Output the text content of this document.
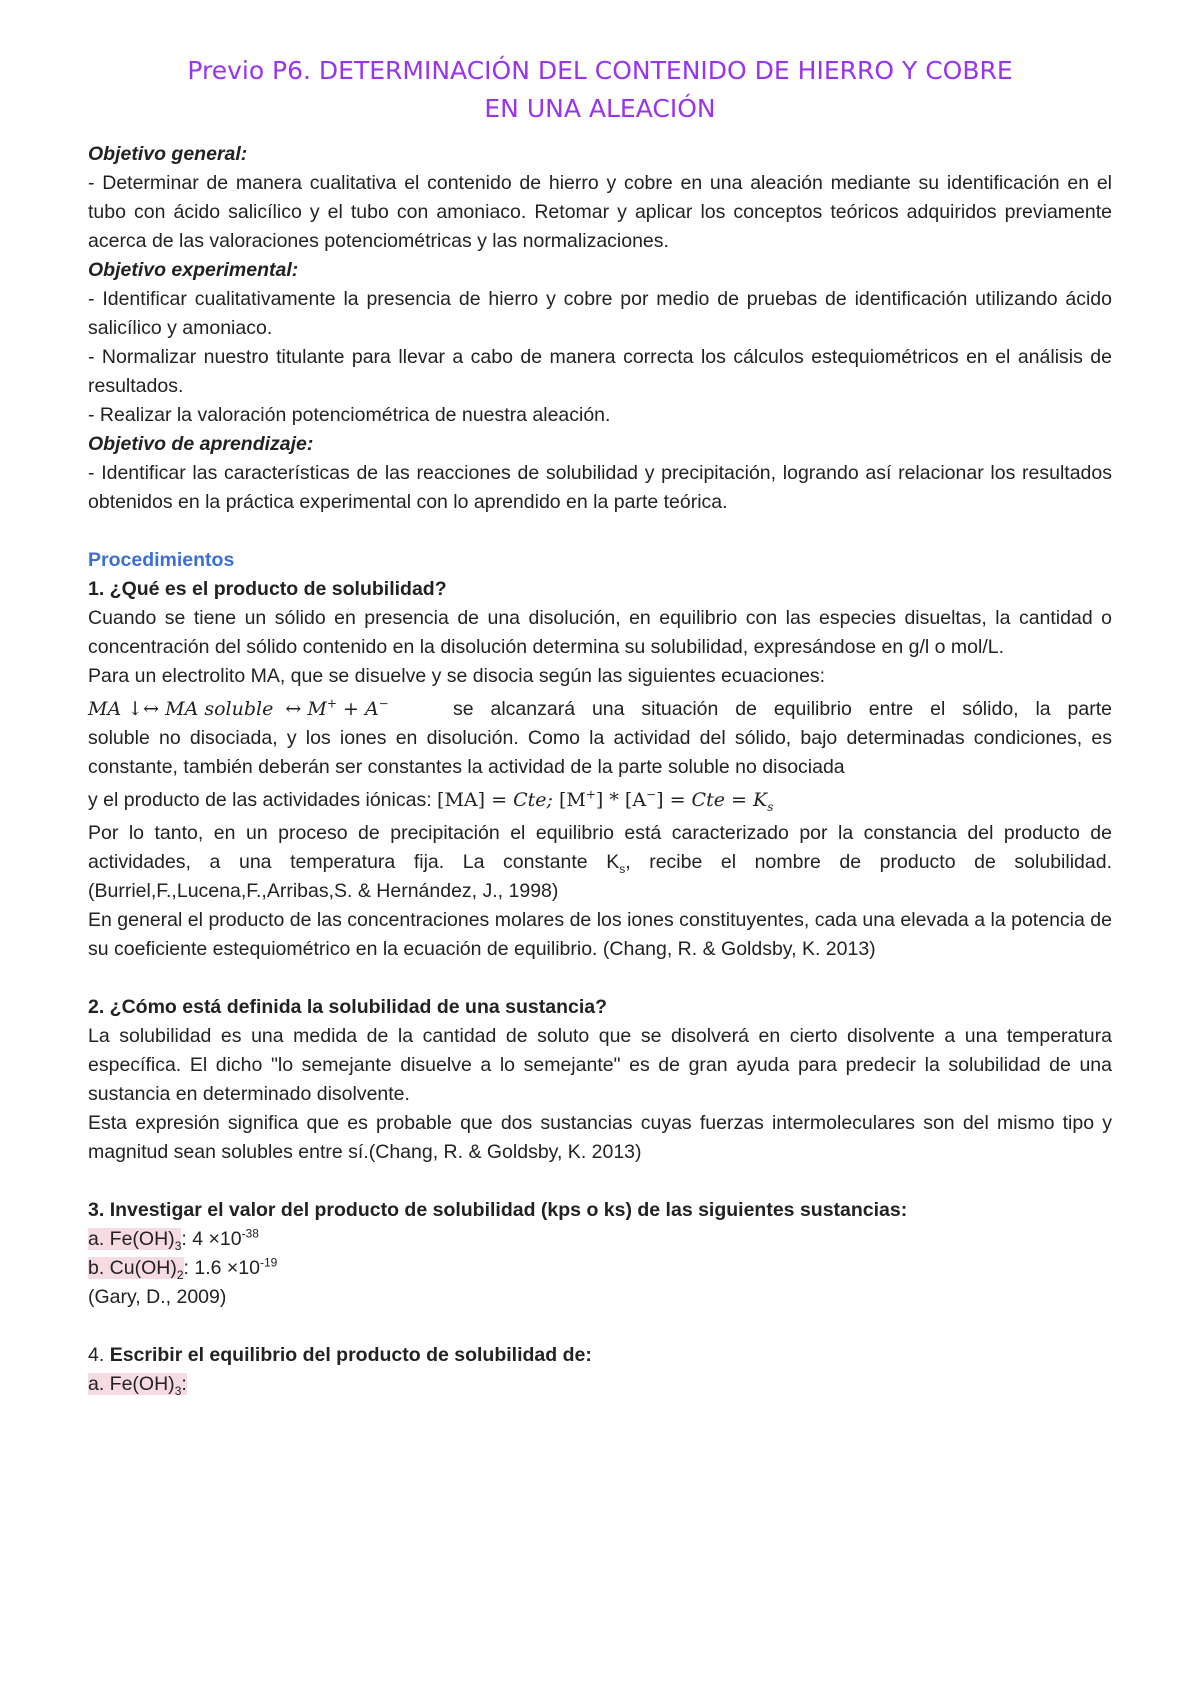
Previo P6. DETERMINACIÓN DEL CONTENIDO DE HIERRO Y COBRE
EN UNA ALEACIÓN

Objetivo general:

- Determinar de manera cualitativa el contenido de hierro y cobre en una aleación mediante su identificación en el tubo con ácido salicílico y el tubo con amoniaco. Retomar y aplicar los conceptos teóricos adquiridos previamente acerca de las valoraciones potenciométricas y las normalizaciones.

Objetivo experimental:

- Identificar cualitativamente la presencia de hierro y cobre por medio de pruebas de identificación utilizando ácido salicílico y amoniaco.

- Normalizar nuestro titulante para llevar a cabo de manera correcta los cálculos estequiométricos en el análisis de resultados.

- Realizar la valoración potenciométrica de nuestra aleación.

Objetivo de aprendizaje:

- Identificar las características de las reacciones de solubilidad y precipitación, logrando así relacionar los resultados obtenidos en la práctica experimental con lo aprendido en la parte teórica.

Procedimientos

1. ¿Qué es el producto de solubilidad?

Cuando se tiene un sólido en presencia de una disolución, en equilibrio con las especies disueltas, la cantidad o concentración del sólido contenido en la disolución determina su solubilidad, expresándose en g/l o mol/L.

Para un electrolito MA, que se disuelve y se disocia según las siguientes ecuaciones:

MA ↓↔ MA soluble ↔ M+ + A−	se alcanzará una situación de equilibrio entre el sólido, la parte

soluble no disociada, y los iones en disolución. Como la actividad del sólido, bajo determinadas condiciones, es constante, también deberán ser constantes la actividad de la parte soluble no disociada

y el producto de las actividades iónicas: [MA] = Cte; [M+] * [A−] = Cte = $K_s$

Por lo tanto, en un proceso de precipitación el equilibrio está caracterizado por la constancia del producto de actividades, a una temperatura fija. La constante $K_s$, recibe el nombre de producto de solubilidad.(Burriel,F.,Lucena,F.,Arribas,S. & Hernández, J., 1998)

En general el producto de las concentraciones molares de los iones constituyentes, cada una elevada a la potencia de su coeficiente estequiométrico en la ecuación de equilibrio. (Chang, R. & Goldsby, K. 2013)

2. ¿Cómo está definida la solubilidad de una sustancia?

La solubilidad es una medida de la cantidad de soluto que se disolverá en cierto disolvente a una temperatura específica. El dicho "lo semejante disuelve a lo semejante" es de gran ayuda para predecir la solubilidad de una sustancia en determinado disolvente.

Esta expresión significa que es probable que dos sustancias cuyas fuerzas intermoleculares son del mismo tipo y magnitud sean solubles entre sí.(Chang, R. & Goldsby, K. 2013)

3. Investigar el valor del producto de solubilidad (kps o ks) de las siguientes sustancias:

a. $Fe(OH)_3$: $4 \times 10^{-38}$

b. $Cu(OH)_2$: $1.6 \times 10^{-19}$

(Gary, D., 2009)

4. Escribir el equilibrio del producto de solubilidad de:

a. $Fe(OH)_3$:
